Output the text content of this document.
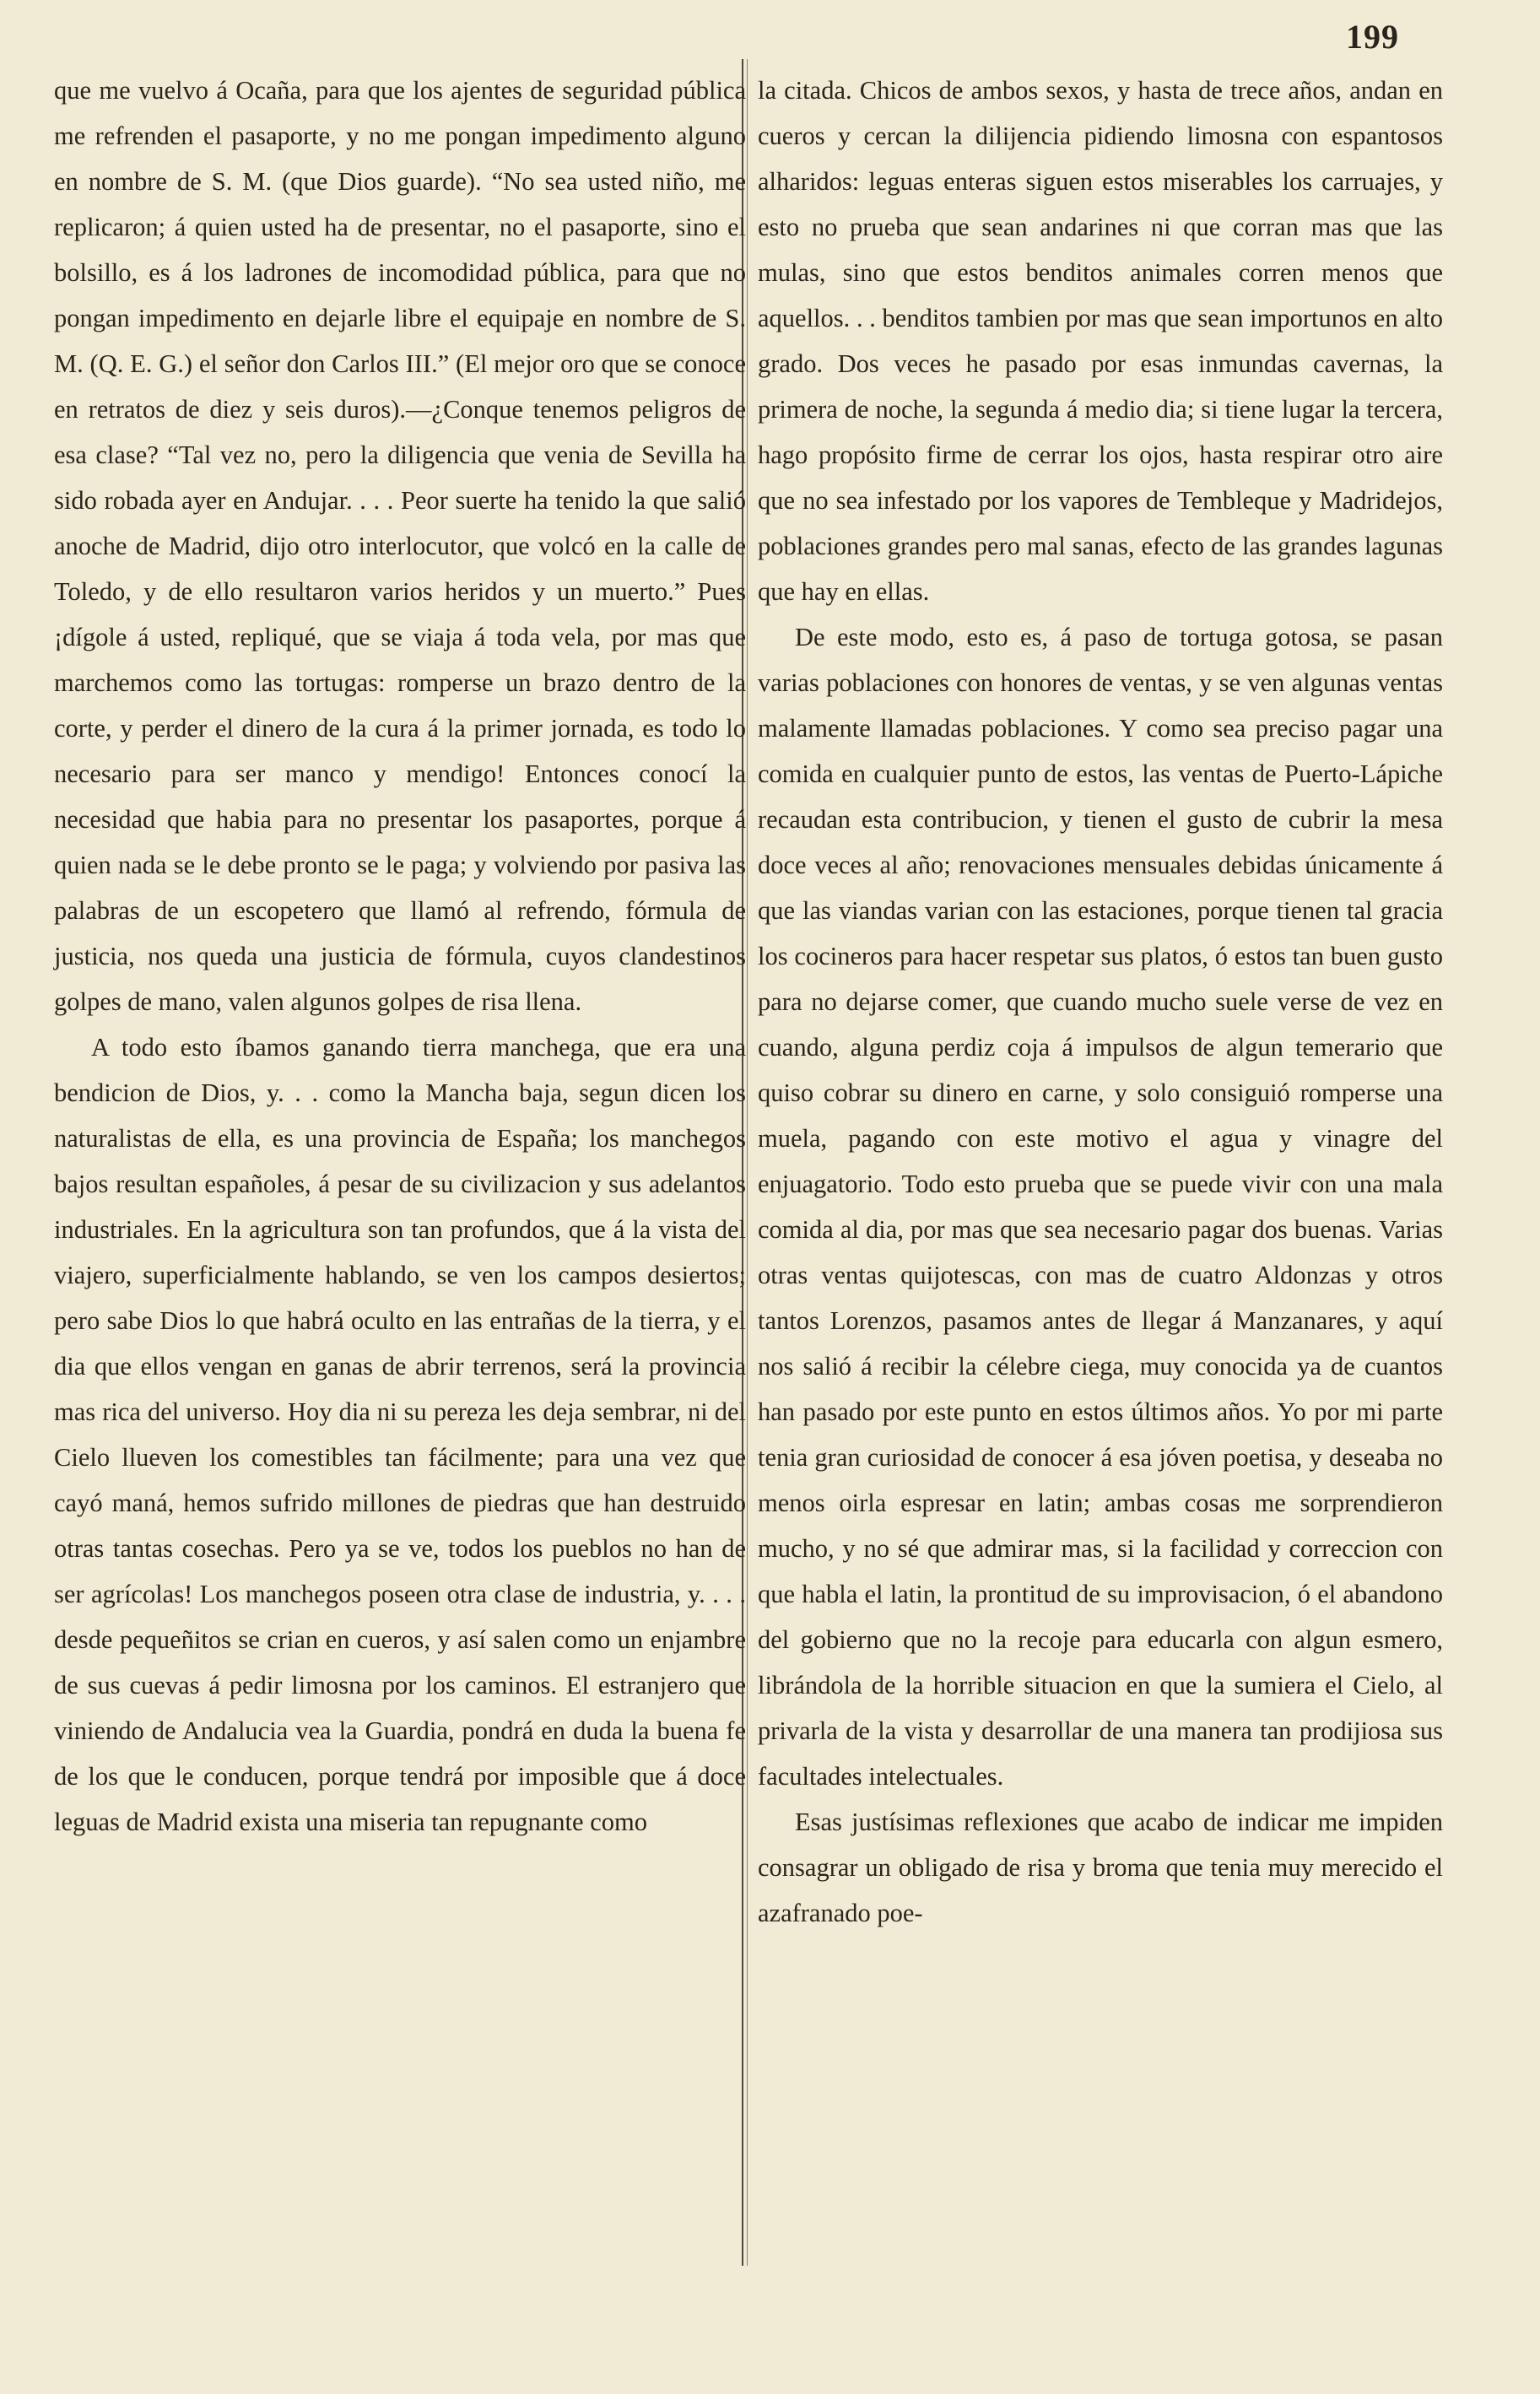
199

que me vuelvo á Ocaña, para que los ajentes de seguridad pública me refrenden el pasaporte, y no me pongan impedimento alguno en nombre de S. M. (que Dios guarde). “No sea usted niño, me replicaron; á quien usted ha de presentar, no el pasaporte, sino el bolsillo, es á los ladrones de incomodidad pública, para que no pongan impedimento en dejarle libre el equipaje en nombre de S. M. (Q. E. G.) el señor don Carlos III.” (El mejor oro que se conoce en retratos de diez y seis duros).—¿Conque tenemos peligros de esa clase? “Tal vez no, pero la diligencia que venia de Sevilla ha sido robada ayer en Andujar. . . . Peor suerte ha tenido la que salió anoche de Madrid, dijo otro interlocutor, que volcó en la calle de Toledo, y de ello resultaron varios heridos y un muerto.” Pues ¡dígole á usted, repliqué, que se viaja á toda vela, por mas que marchemos como las tortugas: romperse un brazo dentro de la corte, y perder el dinero de la cura á la primer jornada, es todo lo necesario para ser manco y mendigo! Entonces conocí la necesidad que habia para no presentar los pasaportes, porque á quien nada se le debe pronto se le paga; y volviendo por pasiva las palabras de un escopetero que llamó al refrendo, fórmula de justicia, nos queda una justicia de fórmula, cuyos clandestinos golpes de mano, valen algunos golpes de risa llena.

A todo esto íbamos ganando tierra manchega, que era una bendicion de Dios, y. . . como la Mancha baja, segun dicen los naturalistas de ella, es una provincia de España; los manchegos bajos resultan españoles, á pesar de su civilizacion y sus adelantos industriales. En la agricultura son tan profundos, que á la vista del viajero, superficialmente hablando, se ven los campos desiertos; pero sabe Dios lo que habrá oculto en las entrañas de la tierra, y el dia que ellos vengan en ganas de abrir terrenos, será la provincia mas rica del universo. Hoy dia ni su pereza les deja sembrar, ni del Cielo llueven los comestibles tan fácilmente; para una vez que cayó maná, hemos sufrido millones de piedras que han destruido otras tantas cosechas. Pero ya se ve, todos los pueblos no han de ser agrícolas! Los manchegos poseen otra clase de industria, y. . . . desde pequeñitos se crian en cueros, y así salen como un enjambre de sus cuevas á pedir limosna por los caminos. El estranjero que viniendo de Andalucia vea la Guardia, pondrá en duda la buena fe de los que le conducen, porque tendrá por imposible que á doce leguas de Madrid exista una miseria tan repugnante como

la citada. Chicos de ambos sexos, y hasta de trece años, andan en cueros y cercan la dilijencia pidiendo limosna con espantosos alharidos: leguas enteras siguen estos miserables los carruajes, y esto no prueba que sean andarines ni que corran mas que las mulas, sino que estos benditos animales corren menos que aquellos. . . benditos tambien por mas que sean importunos en alto grado. Dos veces he pasado por esas inmundas cavernas, la primera de noche, la segunda á medio dia; si tiene lugar la tercera, hago propósito firme de cerrar los ojos, hasta respirar otro aire que no sea infestado por los vapores de Tembleque y Madridejos, poblaciones grandes pero mal sanas, efecto de las grandes lagunas que hay en ellas.

De este modo, esto es, á paso de tortuga gotosa, se pasan varias poblaciones con honores de ventas, y se ven algunas ventas malamente llamadas poblaciones. Y como sea preciso pagar una comida en cualquier punto de estos, las ventas de Puerto-Lápiche recaudan esta contribucion, y tienen el gusto de cubrir la mesa doce veces al año; renovaciones mensuales debidas únicamente á que las viandas varian con las estaciones, porque tienen tal gracia los cocineros para hacer respetar sus platos, ó estos tan buen gusto para no dejarse comer, que cuando mucho suele verse de vez en cuando, alguna perdiz coja á impulsos de algun temerario que quiso cobrar su dinero en carne, y solo consiguió romperse una muela, pagando con este motivo el agua y vinagre del enjuagatorio. Todo esto prueba que se puede vivir con una mala comida al dia, por mas que sea necesario pagar dos buenas. Varias otras ventas quijotescas, con mas de cuatro Aldonzas y otros tantos Lorenzos, pasamos antes de llegar á Manzanares, y aquí nos salió á recibir la célebre ciega, muy conocida ya de cuantos han pasado por este punto en estos últimos años. Yo por mi parte tenia gran curiosidad de conocer á esa jóven poetisa, y deseaba no menos oirla espresar en latin; ambas cosas me sorprendieron mucho, y no sé que admirar mas, si la facilidad y correccion con que habla el latin, la prontitud de su improvisacion, ó el abandono del gobierno que no la recoje para educarla con algun esmero, librándola de la horrible situacion en que la sumiera el Cielo, al privarla de la vista y desarrollar de una manera tan prodijiosa sus facultades intelectuales.

Esas justísimas reflexiones que acabo de indicar me impiden consagrar un obligado de risa y broma que tenia muy merecido el azafranado poe-
